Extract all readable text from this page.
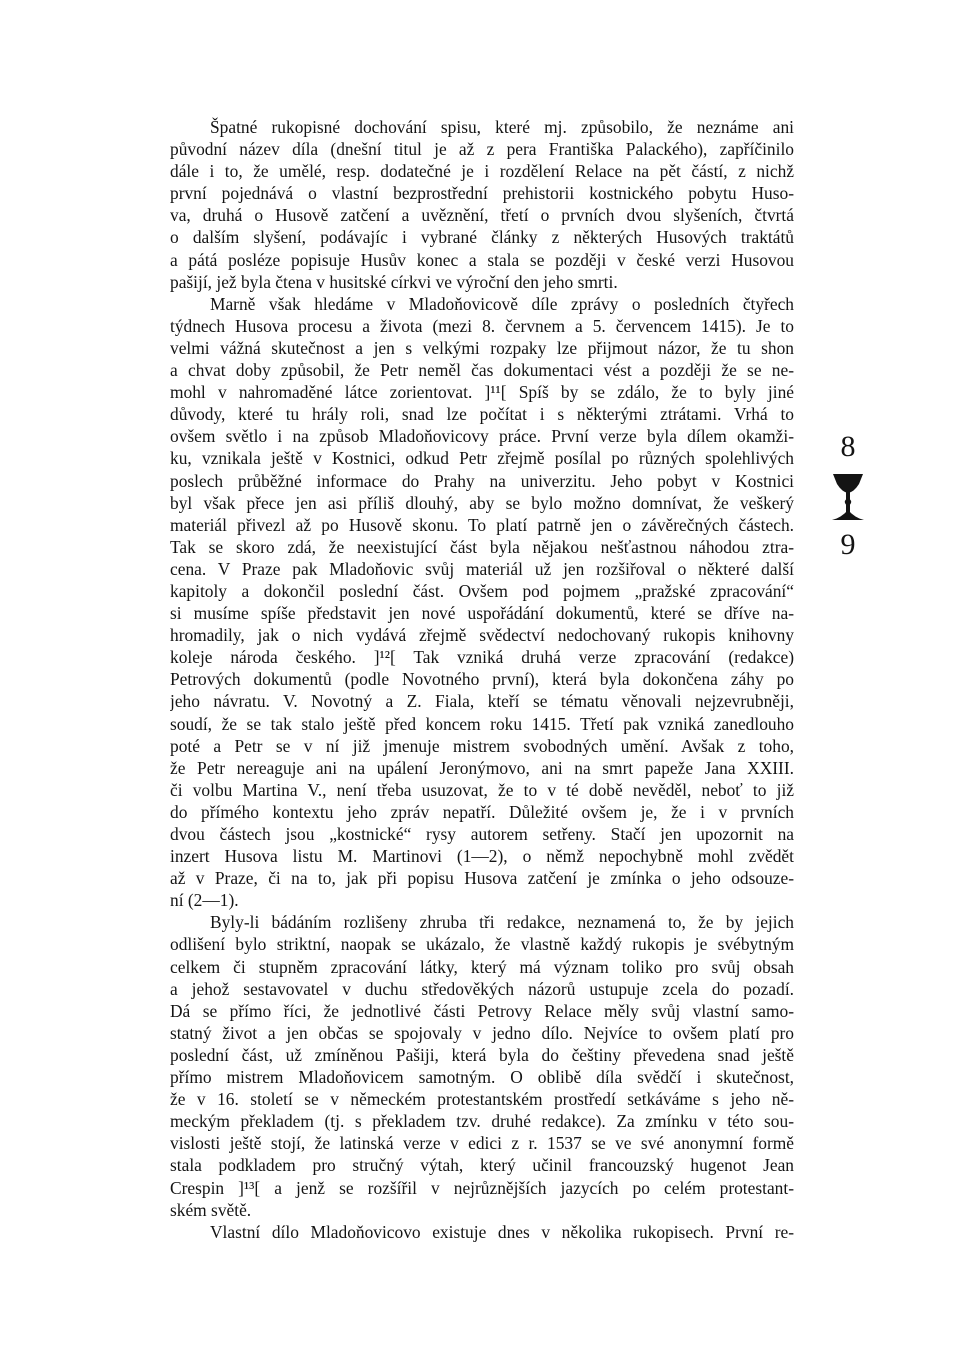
Špatné rukopisné dochování spisu, které mj. způsobilo, že neznáme ani
původní název díla (dnešní titul je až z pera Františka Palackého), zapříčinilo
dále i to, že umělé, resp. dodatečné je i rozdělení Relace na pět částí, z nichž
první pojednává o vlastní bezprostřední prehistorii kostnického pobytu Huso-
va, druhá o Husově zatčení a uvěznění, třetí o prvních dvou slyšeních, čtvrtá
o dalším slyšení, podávajíc i vybrané články z některých Husových traktátů
a pátá posléze popisuje Husův konec a stala se později v české verzi Husovou
pašijí, jež byla čtena v husitské církvi ve výroční den jeho smrti.
Marně však hledáme v Mladoňovicově díle zprávy o posledních čtyřech
týdnech Husova procesu a života (mezi 8. červnem a 5. červencem 1415). Je to
velmi vážná skutečnost a jen s velkými rozpaky lze přijmout názor, že tu shon
a chvat doby způsobil, že Petr neměl čas dokumentaci vést a později že se ne-
mohl v nahromaděné látce zorientovat. ]¹¹[ Spíš by se zdálo, že to byly jiné
důvody, které tu hrály roli, snad lze počítat i s některými ztrátami. Vrhá to
ovšem světlo i na způsob Mladoňovicovy práce. První verze byla dílem okamži-
ku, vznikala ještě v Kostnici, odkud Petr zřejmě posílal po různých spolehlivých
poslech průběžné informace do Prahy na univerzitu. Jeho pobyt v Kostnici
byl však přece jen asi příliš dlouhý, aby se bylo možno domnívat, že veškerý
materiál přivezl až po Husově skonu. To platí patrně jen o závěrečných částech.
Tak se skoro zdá, že neexistující část byla nějakou nešťastnou náhodou ztra-
cena. V Praze pak Mladoňovic svůj materiál už jen rozšiřoval o některé další
kapitoly a dokončil poslední část. Ovšem pod pojmem „pražské zpracování“
si musíme spíše představit jen nové uspořádání dokumentů, které se dříve na-
hromadily, jak o nich vydává zřejmě svědectví nedochovaný rukopis knihovny
koleje národa českého. ]¹²[ Tak vzniká druhá verze zpracování (redakce)
Petrových dokumentů (podle Novotného první), která byla dokončena záhy po
jeho návratu. V. Novotný a Z. Fiala, kteří se tématu věnovali nejzevrubněji,
soudí, že se tak stalo ještě před koncem roku 1415. Třetí pak vzniká zanedlouho
poté a Petr se v ní již jmenuje mistrem svobodných umění. Avšak z toho,
že Petr nereaguje ani na upálení Jeronýmovo, ani na smrt papeže Jana XXIII.
či volbu Martina V., není třeba usuzovat, že to v té době nevěděl, neboť to již
do přímého kontextu jeho zpráv nepatří. Důležité ovšem je, že i v prvních
dvou částech jsou „kostnické“ rysy autorem setřeny. Stačí jen upozornit na
inzert Husova listu M. Martinovi (1—2), o němž nepochybně mohl zvědět
až v Praze, či na to, jak při popisu Husova zatčení je zmínka o jeho odsouze-
ní (2—1).
Byly-li bádáním rozlišeny zhruba tři redakce, neznamená to, že by jejich
odlišení bylo striktní, naopak se ukázalo, že vlastně každý rukopis je svébytným
celkem či stupněm zpracování látky, který má význam toliko pro svůj obsah
a jehož sestavovatel v duchu středověkých názorů ustupuje zcela do pozadí.
Dá se přímo říci, že jednotlivé části Petrovy Relace měly svůj vlastní samo-
statný život a jen občas se spojovaly v jedno dílo. Nejvíce to ovšem platí pro
poslední část, už zmíněnou Pašiji, která byla do češtiny převedena snad ještě
přímo mistrem Mladoňovicem samotným. O oblibě díla svědčí i skutečnost,
že v 16. století se v německém protestantském prostředí setkáváme s jeho ně-
meckým překladem (tj. s překladem tzv. druhé redakce). Za zmínku v této sou-
vislosti ještě stojí, že latinská verze v edici z r. 1537 se ve své anonymní formě
stala podkladem pro stručný výtah, který učinil francouzský hugenot Jean
Crespin ]¹³[ a jenž se rozšířil v nejrůznějších jazycích po celém protestant-
ském světě.
Vlastní dílo Mladoňovicovo existuje dnes v několika rukopisech. První re-
8
9
